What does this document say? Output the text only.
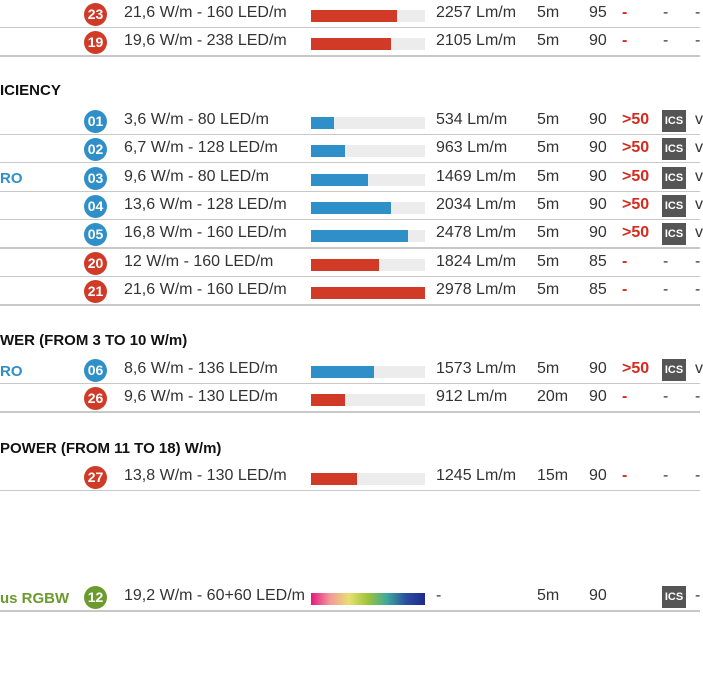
ICIENCY
WER (FROM 3 TO 10 W/m)
POWER (FROM 11 TO 18) W/m)
RO
RO
us RGBW
23 21,6 W/m - 160 LED/m	2257 Lm/m 5m 95 - - -
19 19,6 W/m - 238 LED/m	2105 Lm/m 5m 90 - - -
01 3,6 W/m - 80 LED/m	534 Lm/m 5m 90 >50 ICS v
02 6,7 W/m - 128 LED/m	963 Lm/m 5m 90 >50 ICS v
03 9,6 W/m - 80 LED/m	1469 Lm/m 5m 90 >50 ICS v
04 13,6 W/m - 128 LED/m	2034 Lm/m 5m 90 >50 ICS v
05 16,8 W/m - 160 LED/m	2478 Lm/m 5m 90 >50 ICS v
20 12 W/m - 160 LED/m	1824 Lm/m 5m 85 - - -
21 21,6 W/m - 160 LED/m	2978 Lm/m 5m 85 - - -
06 8,6 W/m - 136 LED/m	1573 Lm/m 5m 90 >50 ICS v
26 9,6 W/m - 130 LED/m	912 Lm/m 20m 90 - - -
27 13,8 W/m - 130 LED/m	1245 Lm/m 15m 90 - - -
12 19,2 W/m - 60+60 LED/m	-	5m 90	ICS -
